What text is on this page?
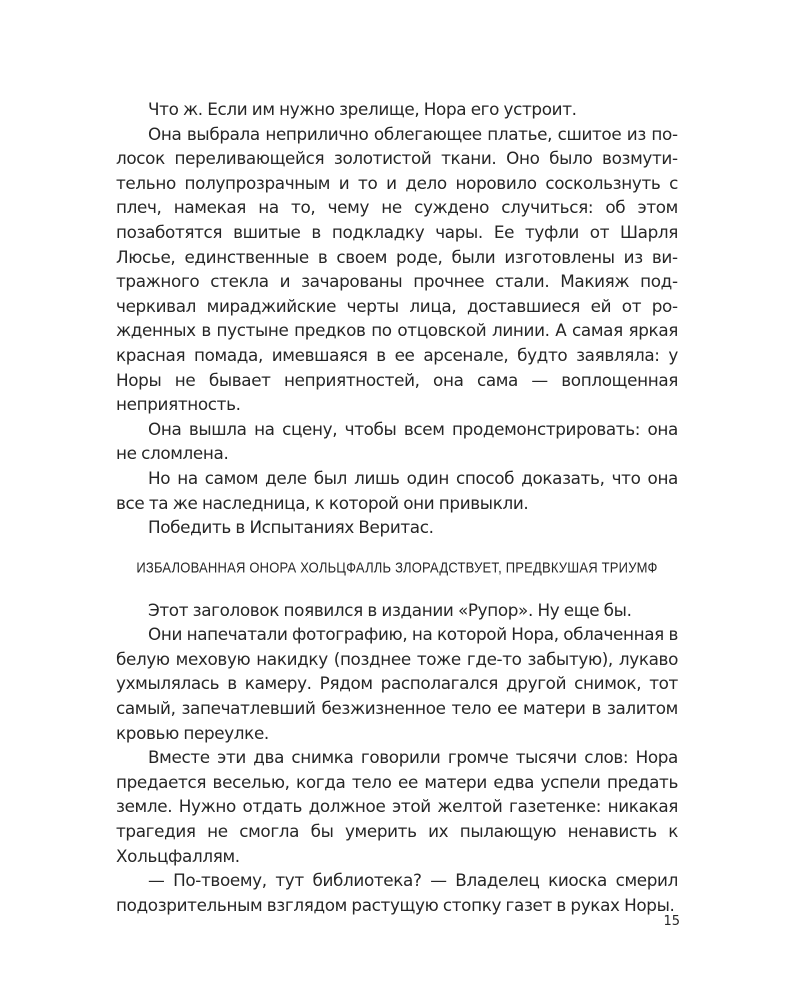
Что ж. Если им нужно зрелище, Нора его устроит.

Она выбрала неприлично облегающее платье, сшитое из полосок переливающейся золотистой ткани. Оно было возмутительно полупрозрачным и то и дело норовило соскользнуть с плеч, намекая на то, чему не суждено случиться: об этом позаботятся вшитые в подкладку чары. Ее туфли от Шарля Люсье, единственные в своем роде, были изготовлены из витражного стекла и зачарованы прочнее стали. Макияж подчеркивал мираджийские черты лица, доставшиеся ей от рожденных в пустыне предков по отцовской линии. А самая яркая красная помада, имевшаяся в ее арсенале, будто заявляла: у Норы не бывает неприятностей, она сама — воплощенная неприятность.

Она вышла на сцену, чтобы всем продемонстрировать: она не сломлена.

Но на самом деле был лишь один способ доказать, что она все та же наследница, к которой они привыкли.

Победить в Испытаниях Веритас.

ИЗБАЛОВАННАЯ ОНОРА ХОЛЬЦФАЛЛЬ ЗЛОРАДСТВУЕТ, ПРЕДВКУШАЯ ТРИУМФ

Этот заголовок появился в издании «Рупор». Ну еще бы.

Они напечатали фотографию, на которой Нора, облаченная в белую меховую накидку (позднее тоже где-то забытую), лукаво ухмылялась в камеру. Рядом располагался другой снимок, тот самый, запечатлевший безжизненное тело ее матери в залитом кровью переулке.

Вместе эти два снимка говорили громче тысячи слов: Нора предается веселью, когда тело ее матери едва успели предать земле. Нужно отдать должное этой желтой газетенке: никакая трагедия не смогла бы умерить их пылающую ненависть к Хольцфаллям.

— По-твоему, тут библиотека? — Владелец киоска смерил подозрительным взглядом растущую стопку газет в руках Норы.

15
